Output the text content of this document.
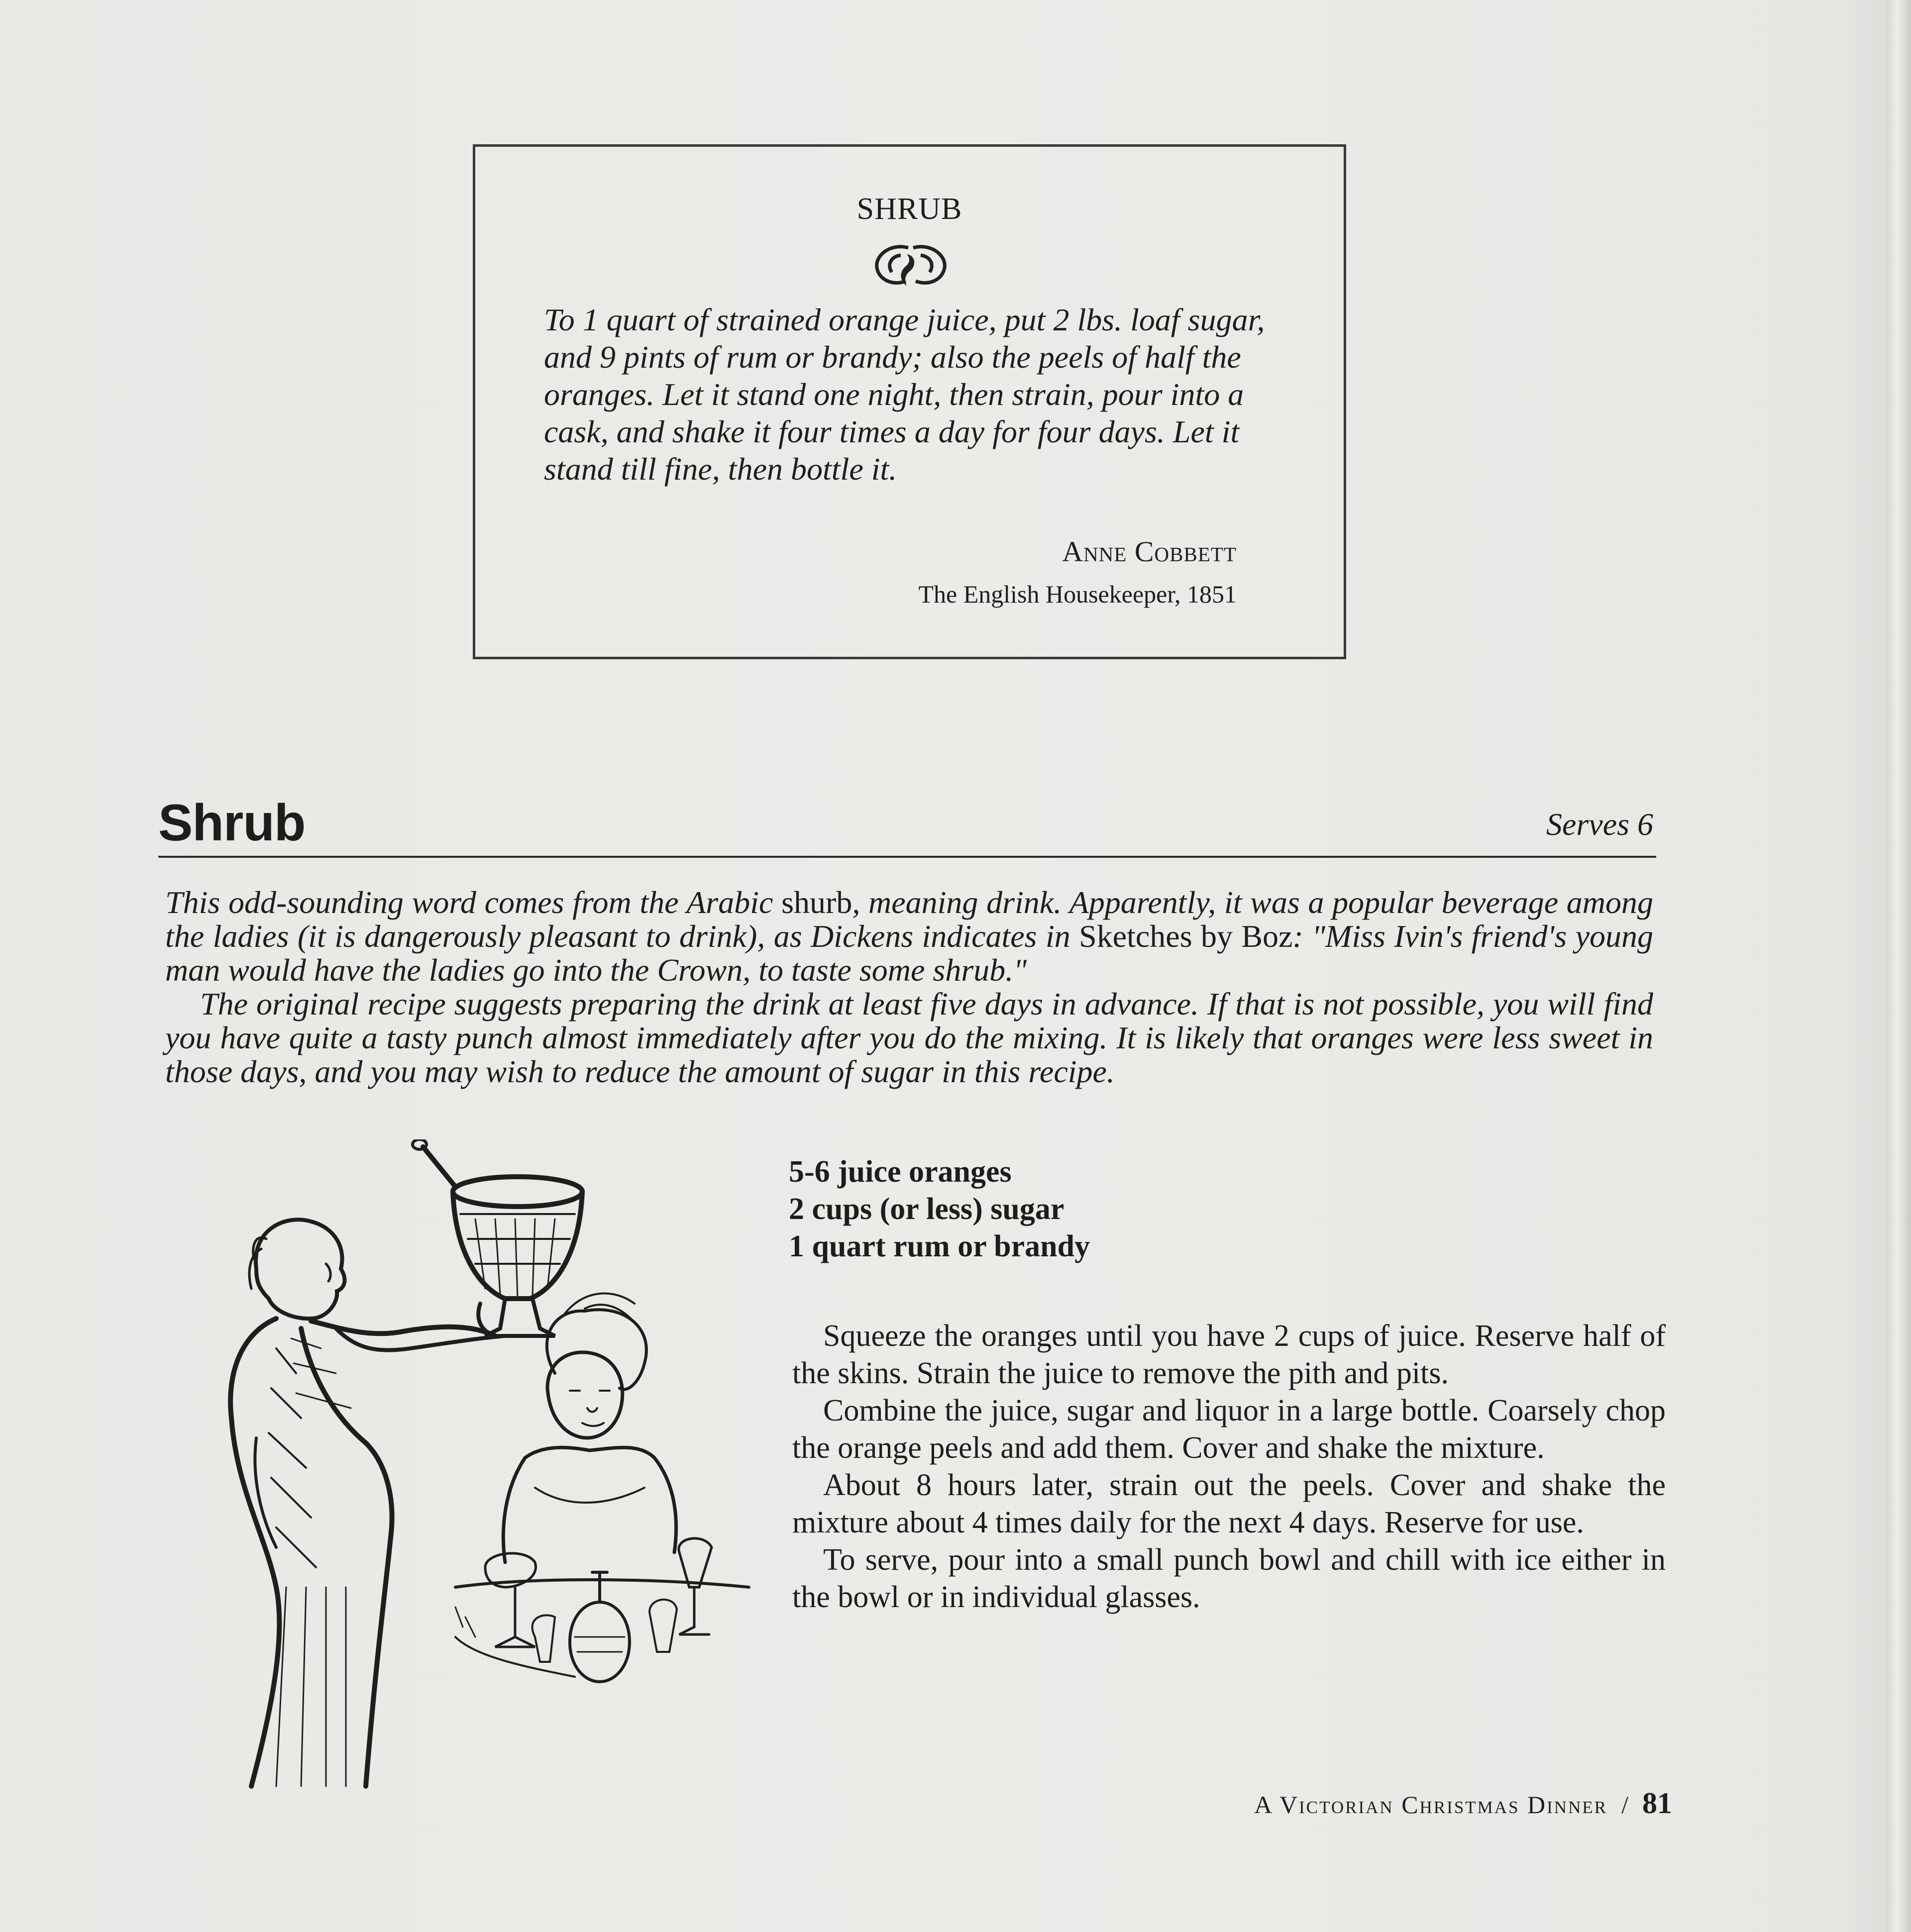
SHRUB
To 1 quart of strained orange juice, put 2 lbs. loaf sugar, and 9 pints of rum or brandy; also the peels of half the oranges. Let it stand one night, then strain, pour into a cask, and shake it four times a day for four days. Let it stand till fine, then bottle it.
Anne Cobbett
The English Housekeeper, 1851
Shrub	Serves 6

This odd-sounding word comes from the Arabic shurb, meaning drink. Apparently, it was a popular beverage among the ladies (it is dangerously pleasant to drink), as Dickens indicates in Sketches by Boz: "Miss Ivin's friend's young man would have the ladies go into the Crown, to taste some shrub."

The original recipe suggests preparing the drink at least five days in advance. If that is not possible, you will find you have quite a tasty punch almost immediately after you do the mixing. It is likely that oranges were less sweet in those days, and you may wish to reduce the amount of sugar in this recipe.

5-6 juice oranges
2 cups (or less) sugar
1 quart rum or brandy

Squeeze the oranges until you have 2 cups of juice. Reserve half of the skins. Strain the juice to remove the pith and pits.

Combine the juice, sugar and liquor in a large bottle. Coarsely chop the orange peels and add them. Cover and shake the mixture.

About 8 hours later, strain out the peels. Cover and shake the mixture about 4 times daily for the next 4 days. Reserve for use.

To serve, pour into a small punch bowl and chill with ice either in the bowl or in individual glasses.

A Victorian Christmas Dinner / 81
